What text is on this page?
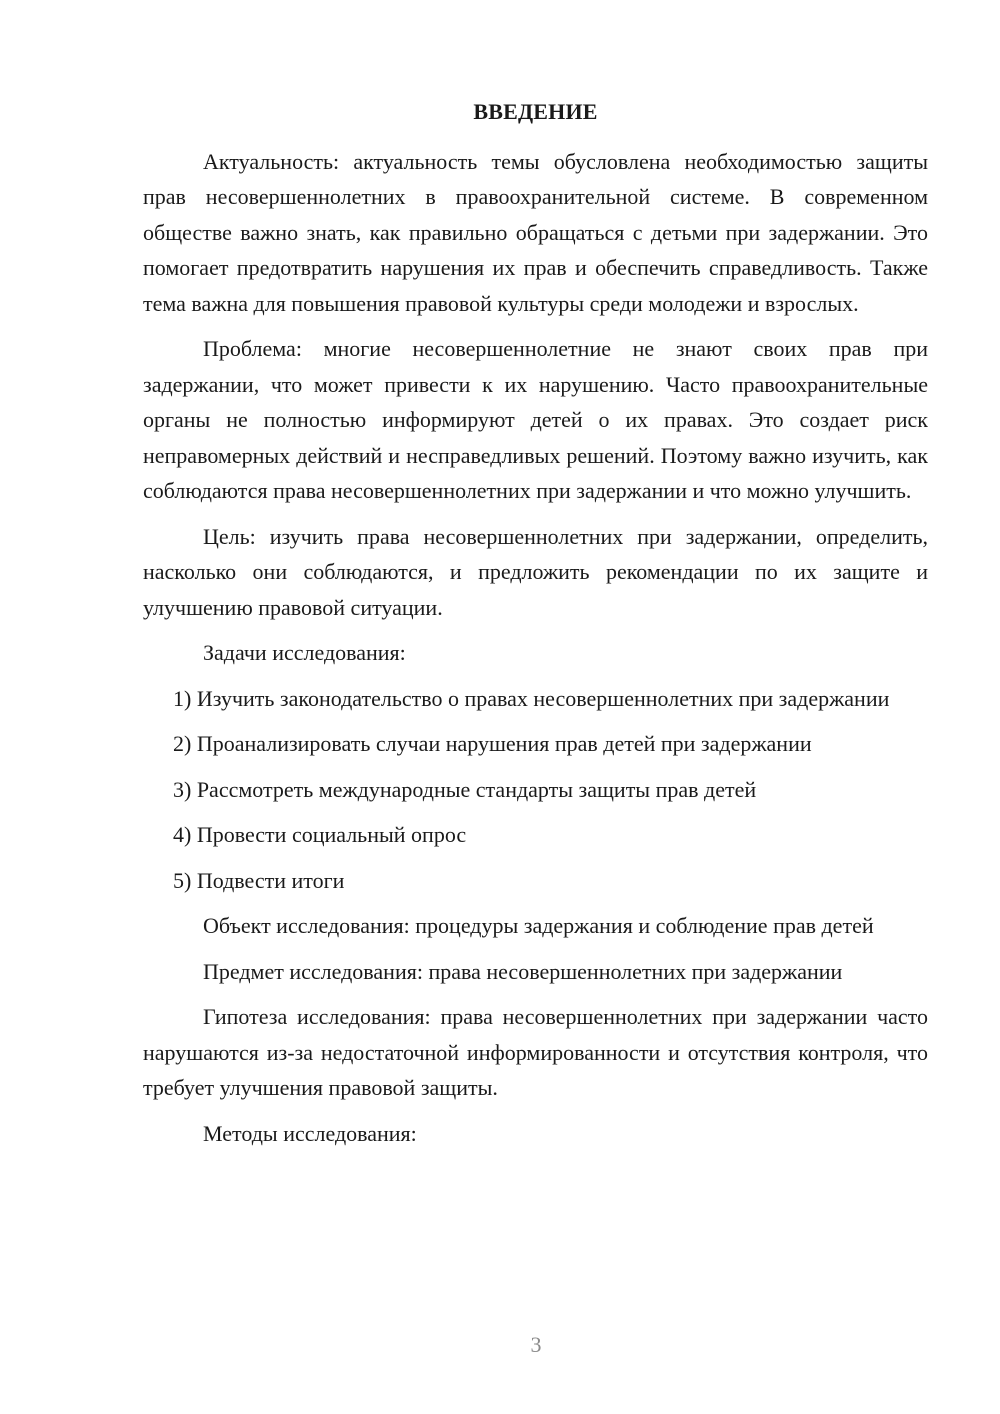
ВВЕДЕНИЕ

Актуальность: актуальность темы обусловлена необходимостью защиты прав несовершеннолетних в правоохранительной системе. В современном обществе важно знать, как правильно обращаться с детьми при задержании. Это помогает предотвратить нарушения их прав и обеспечить справедливость. Также тема важна для повышения правовой культуры среди молодежи и взрослых.

Проблема: многие несовершеннолетние не знают своих прав при задержании, что может привести к их нарушению. Часто правоохранительные органы не полностью информируют детей о их правах. Это создает риск неправомерных действий и несправедливых решений. Поэтому важно изучить, как соблюдаются права несовершеннолетних при задержании и что можно улучшить.

Цель: изучить права несовершеннолетних при задержании, определить, насколько они соблюдаются, и предложить рекомендации по их защите и улучшению правовой ситуации.

Задачи исследования:

1) Изучить законодательство о правах несовершеннолетних при задержании

2) Проанализировать случаи нарушения прав детей при задержании

3) Рассмотреть международные стандарты защиты прав детей

4) Провести социальный опрос

5) Подвести итоги

Объект исследования: процедуры задержания и соблюдение прав детей

Предмет исследования: права несовершеннолетних при задержании

Гипотеза исследования: права несовершеннолетних при задержании часто нарушаются из-за недостаточной информированности и отсутствия контроля, что требует улучшения правовой защиты.

Методы исследования:

3
